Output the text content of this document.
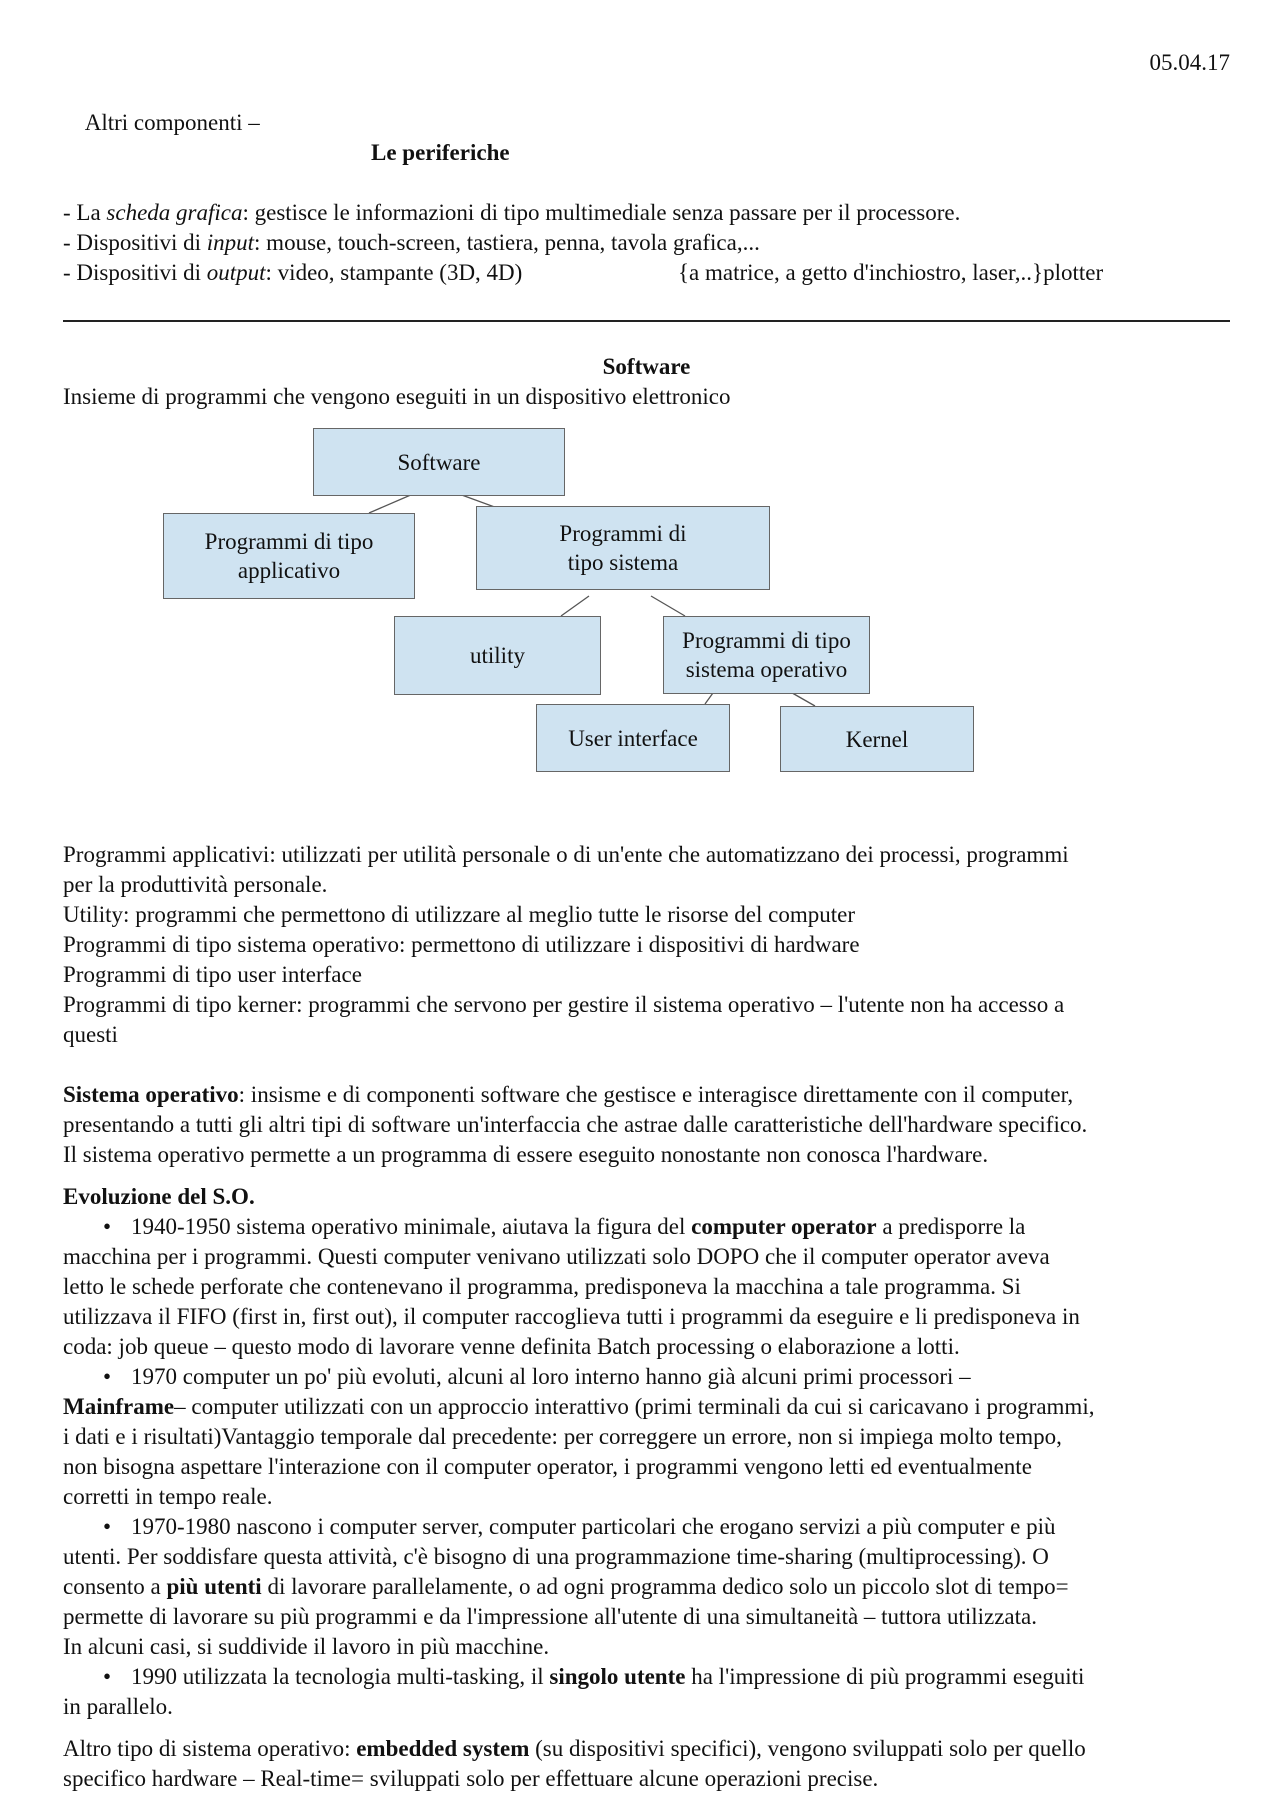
05.04.17

Altri componenti –

Le periferiche

- La scheda grafica: gestisce le informazioni di tipo multimediale senza passare per il processore.
- Dispositivi di input: mouse, touch-screen, tastiera, penna, tavola grafica,...
- Dispositivi di output: video, stampante (3D, 4D)	{a matrice, a getto d'inchiostro, laser,..}plotter
Software
Insieme di programmi che vengono eseguiti in un dispositivo elettronico
Software
Programmi di tipo
applicativo
Programmi di
tipo sistema
utility
Programmi di tipo
sistema operativo
User interface	Kernel
Programmi applicativi: utilizzati per utilità personale o di un'ente che automatizzano dei processi, programmi
per la produttività personale.
Utility: programmi che permettono di utilizzare al meglio tutte le risorse del computer
Programmi di tipo sistema operativo: permettono di utilizzare i dispositivi di hardware
Programmi di tipo user interface
Programmi di tipo kerner: programmi che servono per gestire il sistema operativo – l'utente non ha accesso a
questi
Sistema operativo: insisme e di componenti software che gestisce e interagisce direttamente con il computer,
presentando a tutti gli altri tipi di software un'interfaccia che astrae dalle caratteristiche dell'hardware specifico.
Il sistema operativo permette a un programma di essere eseguito nonostante non conosca l'hardware.
Evoluzione del S.O.
• 1940-1950 sistema operativo minimale, aiutava la figura del computer operator a predisporre la
macchina per i programmi. Questi computer venivano utilizzati solo DOPO che il computer operator aveva
letto le schede perforate che contenevano il programma, predisponeva la macchina a tale programma. Si
utilizzava il FIFO (first in, first out), il computer raccoglieva tutti i programmi da eseguire e li predisponeva in
coda: job queue – questo modo di lavorare venne definita Batch processing o elaborazione a lotti.
• 1970 computer un po' più evoluti, alcuni al loro interno hanno già alcuni primi processori –
Mainframe– computer utilizzati con un approccio interattivo (primi terminali da cui si caricavano i programmi,
i dati e i risultati)Vantaggio temporale dal precedente: per correggere un errore, non si impiega molto tempo,
non bisogna aspettare l'interazione con il computer operator, i programmi vengono letti ed eventualmente
corretti in tempo reale.
• 1970-1980 nascono i computer server, computer particolari che erogano servizi a più computer e più
utenti. Per soddisfare questa attività, c'è bisogno di una programmazione time-sharing (multiprocessing). O
consento a più utenti di lavorare parallelamente, o ad ogni programma dedico solo un piccolo slot di tempo=
permette di lavorare su più programmi e da l'impressione all'utente di una simultaneità – tuttora utilizzata.
In alcuni casi, si suddivide il lavoro in più macchine.
• 1990 utilizzata la tecnologia multi-tasking, il singolo utente ha l'impressione di più programmi eseguiti
in parallelo.
Altro tipo di sistema operativo: embedded system (su dispositivi specifici), vengono sviluppati solo per quello
specifico hardware – Real-time= sviluppati solo per effettuare alcune operazioni precise.
